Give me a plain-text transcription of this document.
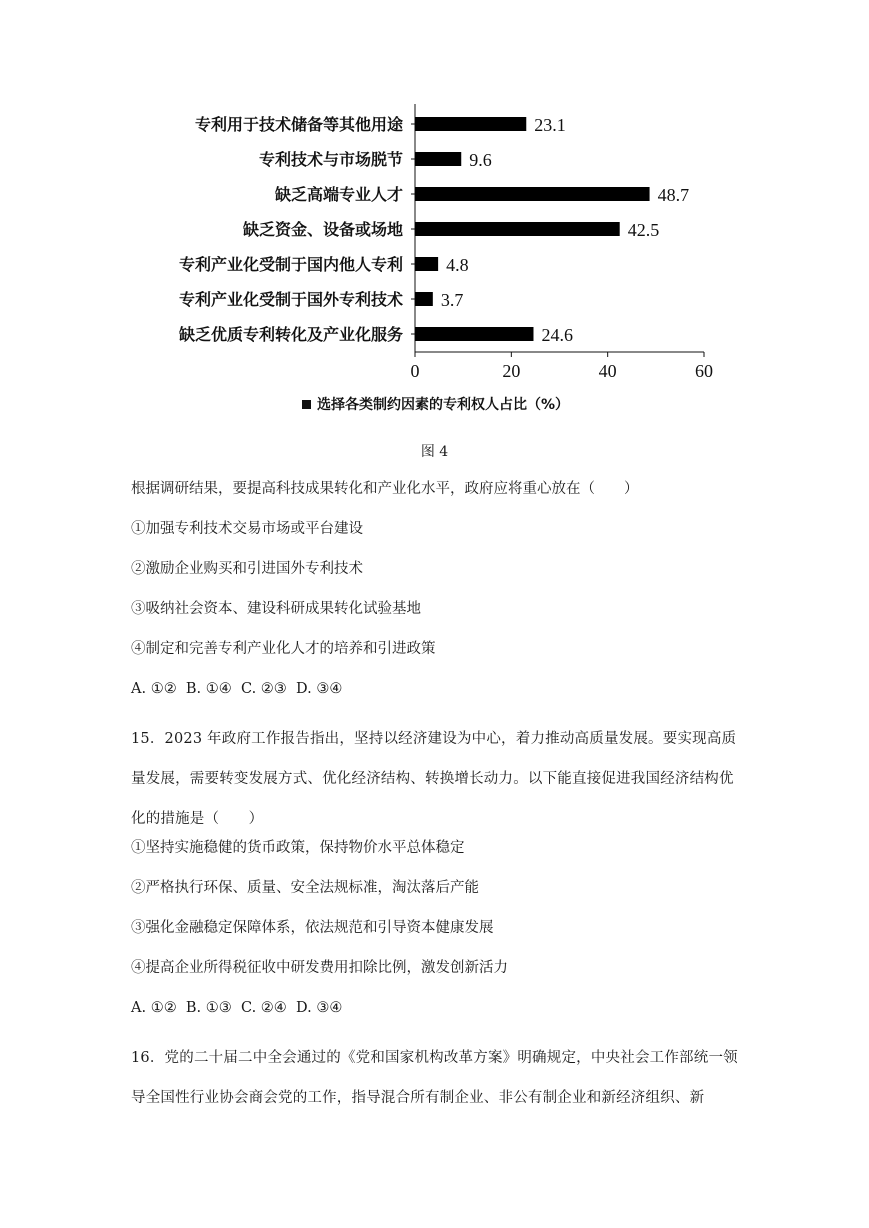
专利用于技术储备等其他用途	23.1
专利技术与市场脱节	9.6
缺乏高端专业人才	48.7
缺乏资金、设备或场地	42.5
专利产业化受制于国内他人专利 4.8
专利产业化受制于国外专利技术 3.7
缺乏优质专利转化及产业化服务	24.6
0	20	40	60
选择各类制约因素的专利权人占比（%）
图 4
根据调研结果，要提高科技成果转化和产业化水平，政府应将重心放在（　　）
①加强专利技术交易市场或平台建设
②激励企业购买和引进国外专利技术
③吸纳社会资本、建设科研成果转化试验基地
④制定和完善专利产业化人才的培养和引进政策
A. ①②  B. ①④  C. ②③  D. ③④
15．2023 年政府工作报告指出，坚持以经济建设为中心，着力推动高质量发展。要实现高质量发展，需要转变发展方式、优化经济结构、转换增长动力。以下能直接促进我国经济结构优化的措施是（　　）
①坚持实施稳健的货币政策，保持物价水平总体稳定
②严格执行环保、质量、安全法规标准，淘汰落后产能
③强化金融稳定保障体系，依法规范和引导资本健康发展
④提高企业所得税征收中研发费用扣除比例，激发创新活力
A. ①②  B. ①③  C. ②④  D. ③④
16．党的二十届二中全会通过的《党和国家机构改革方案》明确规定，中央社会工作部统一领导全国性行业协会商会党的工作，指导混合所有制企业、非公有制企业和新经济组织、新
